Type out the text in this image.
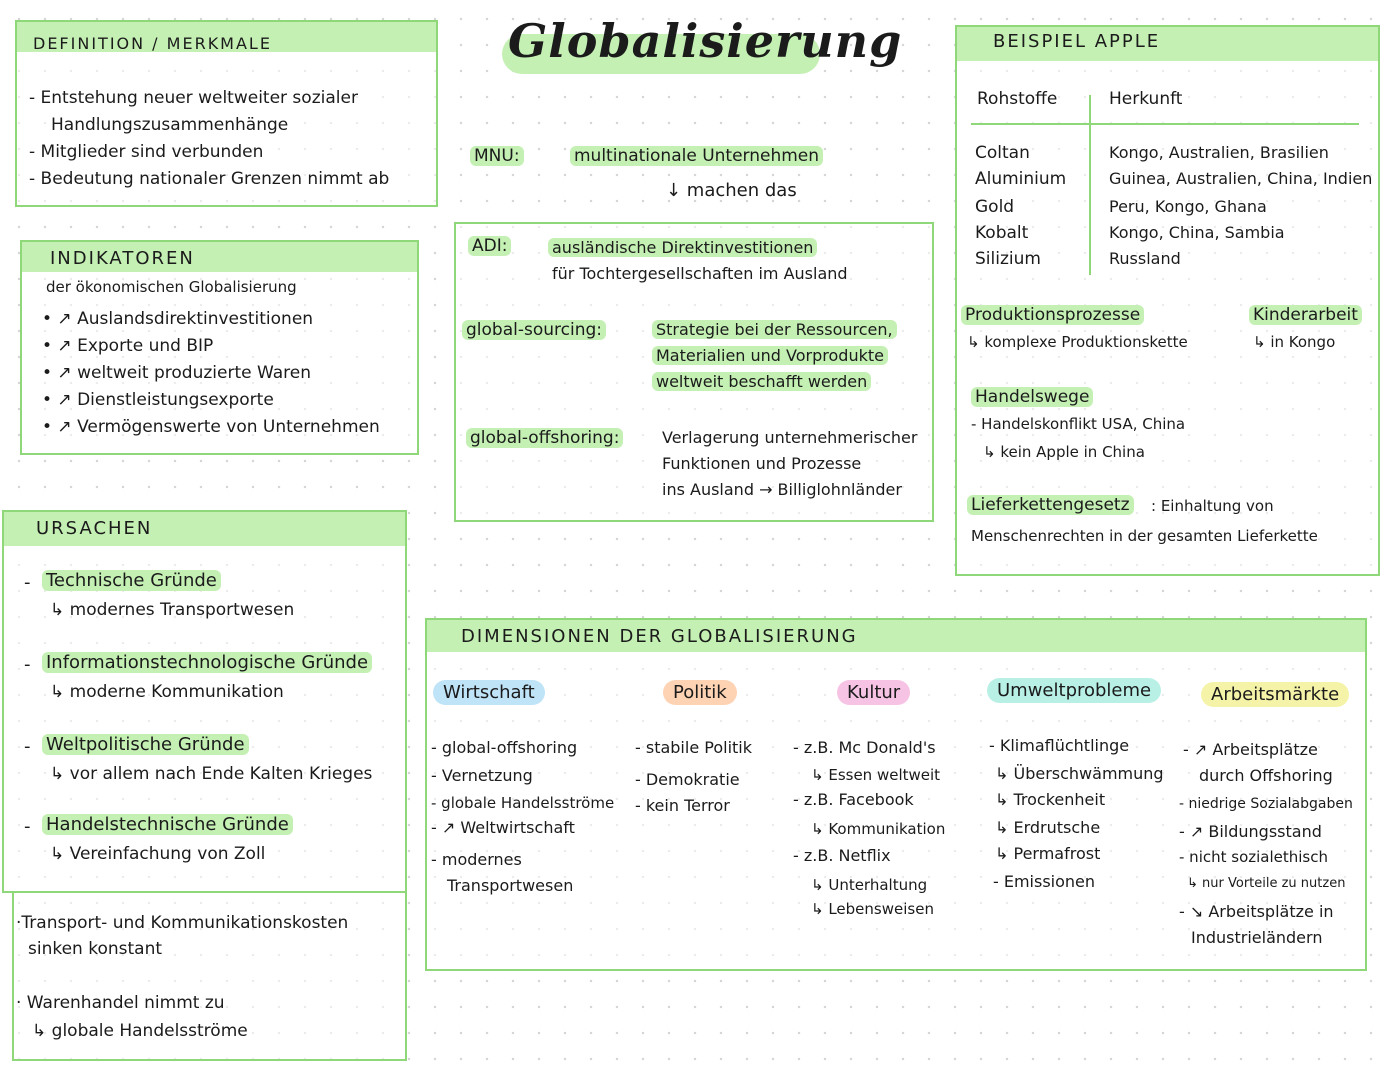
Globalisierung
DEFINITION / MERKMALE
- Entstehung neuer weltweiter sozialer
Handlungszusammenhänge
- Mitglieder sind verbunden
- Bedeutung nationaler Grenzen nimmt ab
INDIKATOREN
der ökonomischen Globalisierung
• ↗ Auslandsdirektinvestitionen
• ↗ Exporte und BIP
• ↗ weltweit produzierte Waren
• ↗ Dienstleistungsexporte
• ↗ Vermögenswerte von Unternehmen
URSACHEN
- Technische Gründe
↳ modernes Transportwesen
- Informationstechnologische Gründe
↳ moderne Kommunikation
- Weltpolitische Gründe
↳ vor allem nach Ende Kalten Krieges
- Handelstechnische Gründe
↳ Vereinfachung von Zoll
·Transport- und Kommunikationskosten
sinken konstant
· Warenhandel nimmt zu
↳ globale Handelsströme
MNU:	multinationale Unternehmen
↓ machen das
ADI:	ausländische Direktinvestitionen
für Tochtergesellschaften im Ausland
global-sourcing:	Strategie bei der Ressourcen,
Materialien und Vorprodukte
weltweit beschafft werden
global-offshoring:	Verlagerung unternehmerischer
Funktionen und Prozesse
ins Ausland → Billiglohnländer
BEISPIEL APPLE
Rohstoffe	Herkunft
Coltan	Kongo, Australien, Brasilien
Aluminium	Guinea, Australien, China, Indien
Gold	Peru, Kongo, Ghana
Kobalt	Kongo, China, Sambia
Silizium	Russland
Produktionsprozesse
↳ komplexe Produktionskette
Kinderarbeit
↳ in Kongo
Handelswege
- Handelskonflikt USA, China
↳ kein Apple in China
Lieferkettengesetz : Einhaltung von
Menschenrechten in der gesamten Lieferkette
DIMENSIONEN DER GLOBALISIERUNG
Wirtschaft
- global-offshoring
- Vernetzung
- globale Handelsströme
- ↗ Weltwirtschaft
- modernes
Transportwesen
Politik
- stabile Politik
- Demokratie
- kein Terror
Kultur
- z.B. Mc Donald's
↳ Essen weltweit
- z.B. Facebook
↳ Kommunikation
- z.B. Netflix
↳ Unterhaltung
↳ Lebensweisen
Umweltprobleme
- Klimaflüchtlinge
↳ Überschwämmung
↳ Trockenheit
↳ Erdrutsche
↳ Permafrost
- Emissionen
Arbeitsmärkte
- ↗ Arbeitsplätze
durch Offshoring
- niedrige Sozialabgaben
- ↗ Bildungsstand
- nicht sozialethisch
↳ nur Vorteile zu nutzen
- ↘ Arbeitsplätze in
Industrieländern
